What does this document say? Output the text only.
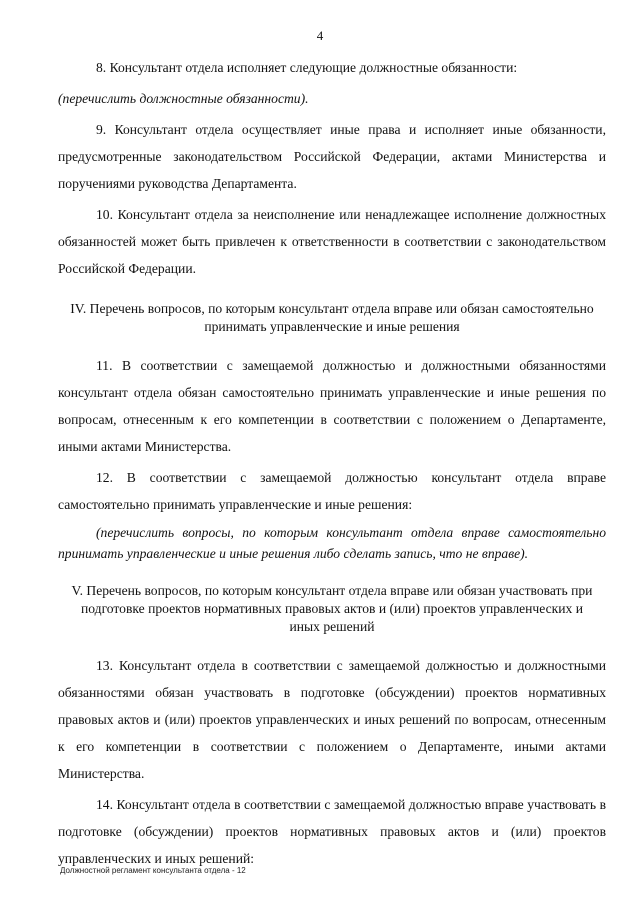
4

8. Консультант отдела исполняет следующие должностные обязанности:

(перечислить должностные обязанности).

9. Консультант отдела осуществляет иные права и исполняет иные обязанности, предусмотренные законодательством Российской Федерации, актами Министерства и поручениями руководства Департамента.

10. Консультант отдела за неисполнение или ненадлежащее исполнение должностных обязанностей может быть привлечен к ответственности в соответствии с законодательством Российской Федерации.

IV. Перечень вопросов, по которым консультант отдела вправе или обязан самостоятельно принимать управленческие и иные решения

11. В соответствии с замещаемой должностью и должностными обязанностями консультант отдела обязан самостоятельно принимать управленческие и иные решения по вопросам, отнесенным к его компетенции в соответствии с положением о Департаменте, иными актами Министерства.

12. В соответствии с замещаемой должностью консультант отдела вправе самостоятельно принимать управленческие и иные решения:

(перечислить вопросы, по которым консультант отдела вправе самостоятельно принимать управленческие и иные решения либо сделать запись, что не вправе).

V. Перечень вопросов, по которым консультант отдела вправе или обязан участвовать при подготовке проектов нормативных правовых актов и (или) проектов управленческих и иных решений

13. Консультант отдела в соответствии с замещаемой должностью и должностными обязанностями обязан участвовать в подготовке (обсуждении) проектов нормативных правовых актов и (или) проектов управленческих и иных решений по вопросам, отнесенным к его компетенции в соответствии с положением о Департаменте, иными актами Министерства.

14. Консультант отдела в соответствии с замещаемой должностью вправе участвовать в подготовке (обсуждении) проектов нормативных правовых актов и (или) проектов управленческих и иных решений:

Должностной регламент консультанта отдела - 12
